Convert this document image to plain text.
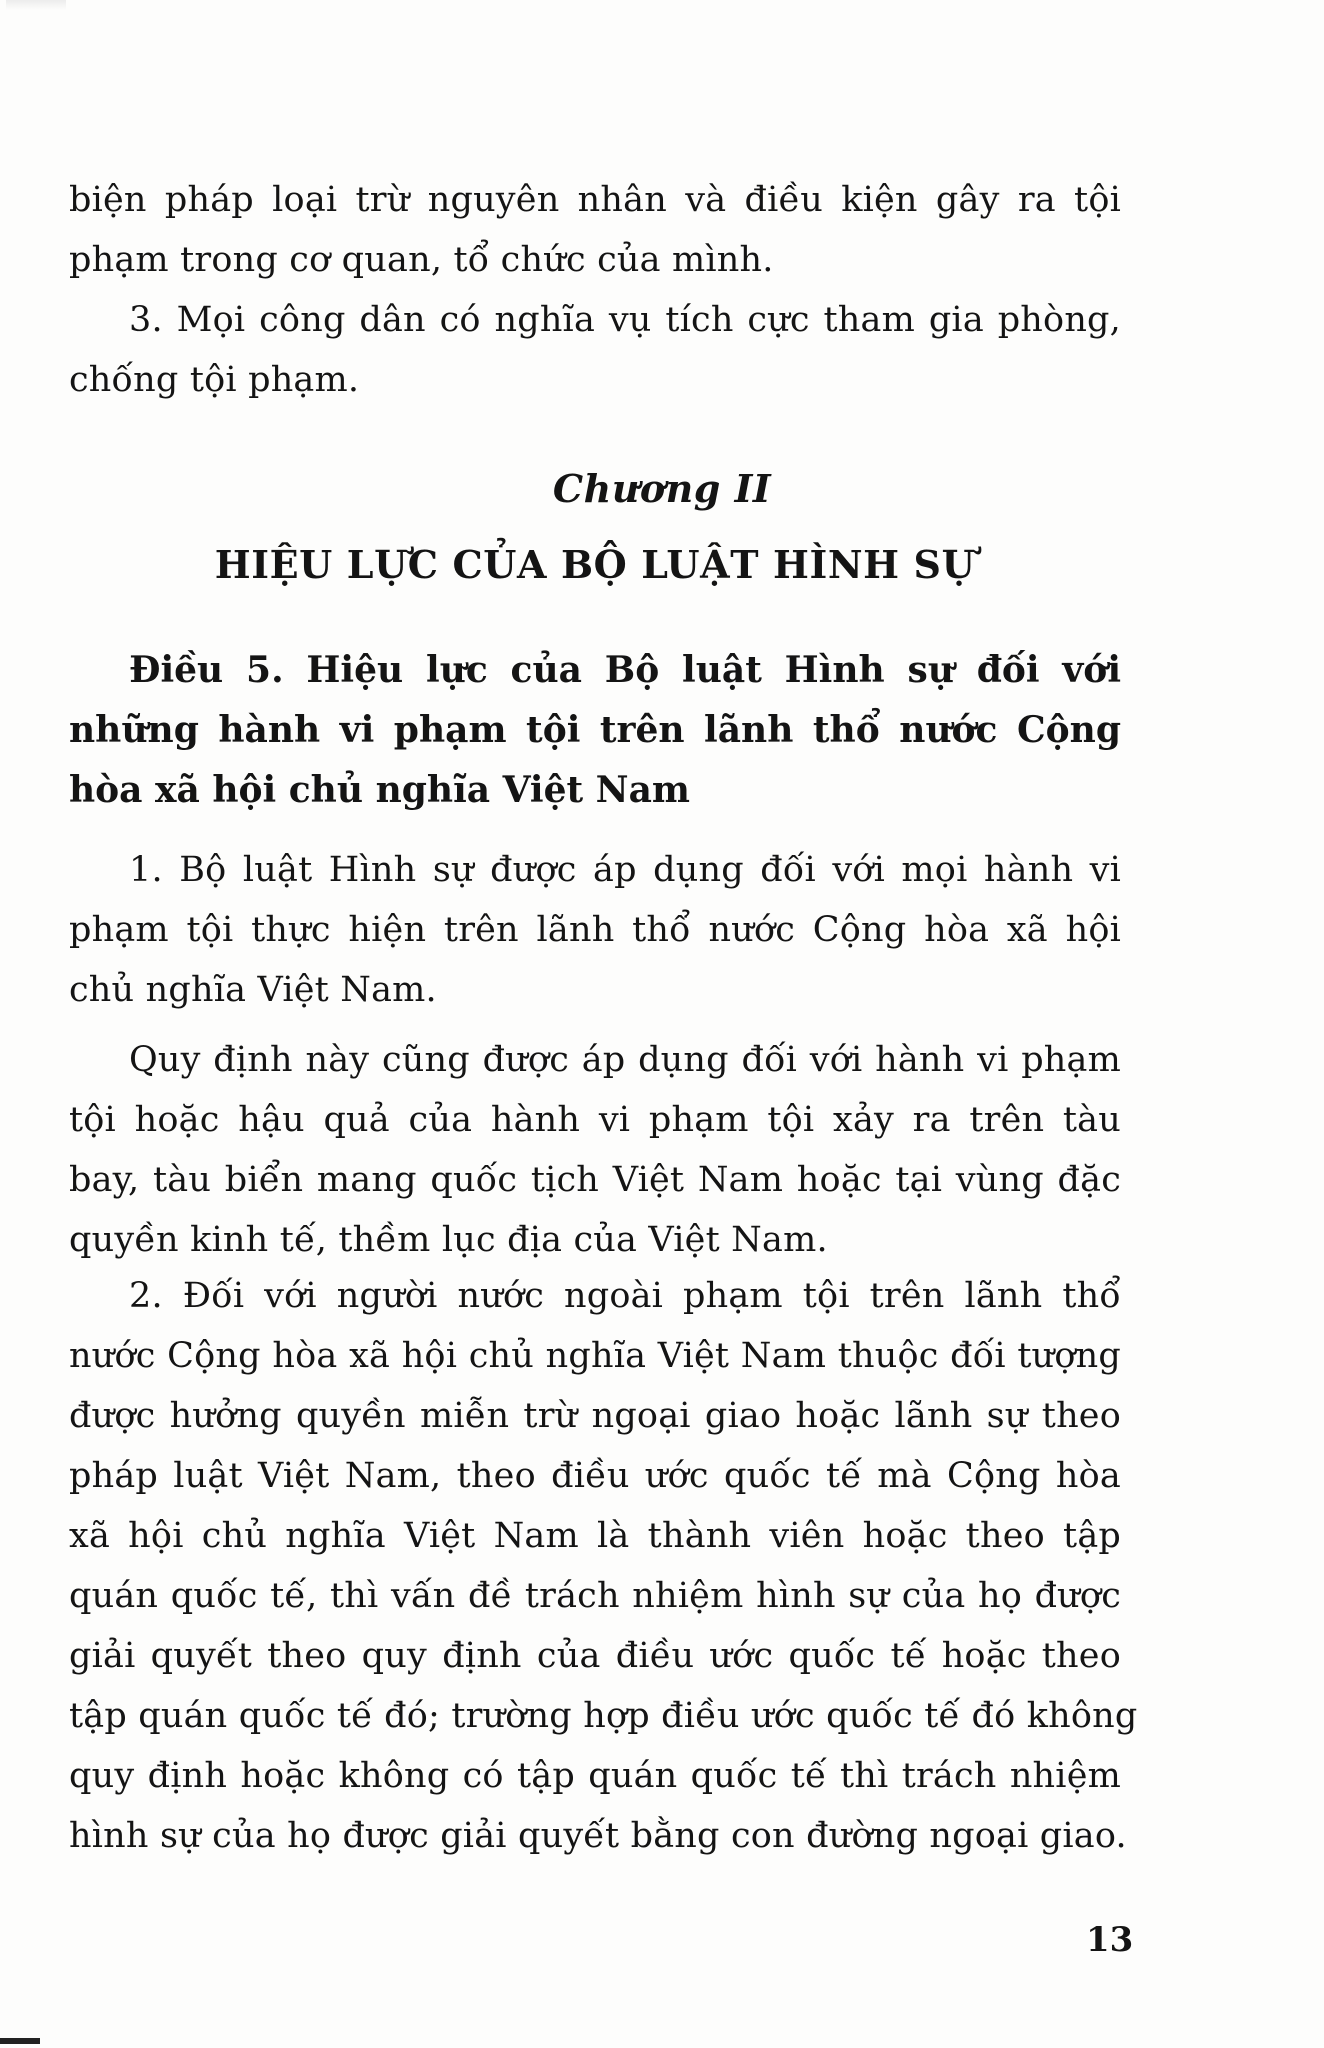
biện pháp loại trừ nguyên nhân và điều kiện gây ra tội
phạm trong cơ quan, tổ chức của mình.
3. Mọi công dân có nghĩa vụ tích cực tham gia phòng,
chống tội phạm.
Chương II
HIỆU LỰC CỦA BỘ LUẬT HÌNH SỰ
Điều 5. Hiệu lực của Bộ luật Hình sự đối với
những hành vi phạm tội trên lãnh thổ nước Cộng
hòa xã hội chủ nghĩa Việt Nam
1. Bộ luật Hình sự được áp dụng đối với mọi hành vi
phạm tội thực hiện trên lãnh thổ nước Cộng hòa xã hội
chủ nghĩa Việt Nam.
Quy định này cũng được áp dụng đối với hành vi phạm
tội hoặc hậu quả của hành vi phạm tội xảy ra trên tàu
bay, tàu biển mang quốc tịch Việt Nam hoặc tại vùng đặc
quyền kinh tế, thềm lục địa của Việt Nam.
2. Đối với người nước ngoài phạm tội trên lãnh thổ
nước Cộng hòa xã hội chủ nghĩa Việt Nam thuộc đối tượng
được hưởng quyền miễn trừ ngoại giao hoặc lãnh sự theo
pháp luật Việt Nam, theo điều ước quốc tế mà Cộng hòa
xã hội chủ nghĩa Việt Nam là thành viên hoặc theo tập
quán quốc tế, thì vấn đề trách nhiệm hình sự của họ được
giải quyết theo quy định của điều ước quốc tế hoặc theo
tập quán quốc tế đó; trường hợp điều ước quốc tế đó không
quy định hoặc không có tập quán quốc tế thì trách nhiệm
hình sự của họ được giải quyết bằng con đường ngoại giao.
13
